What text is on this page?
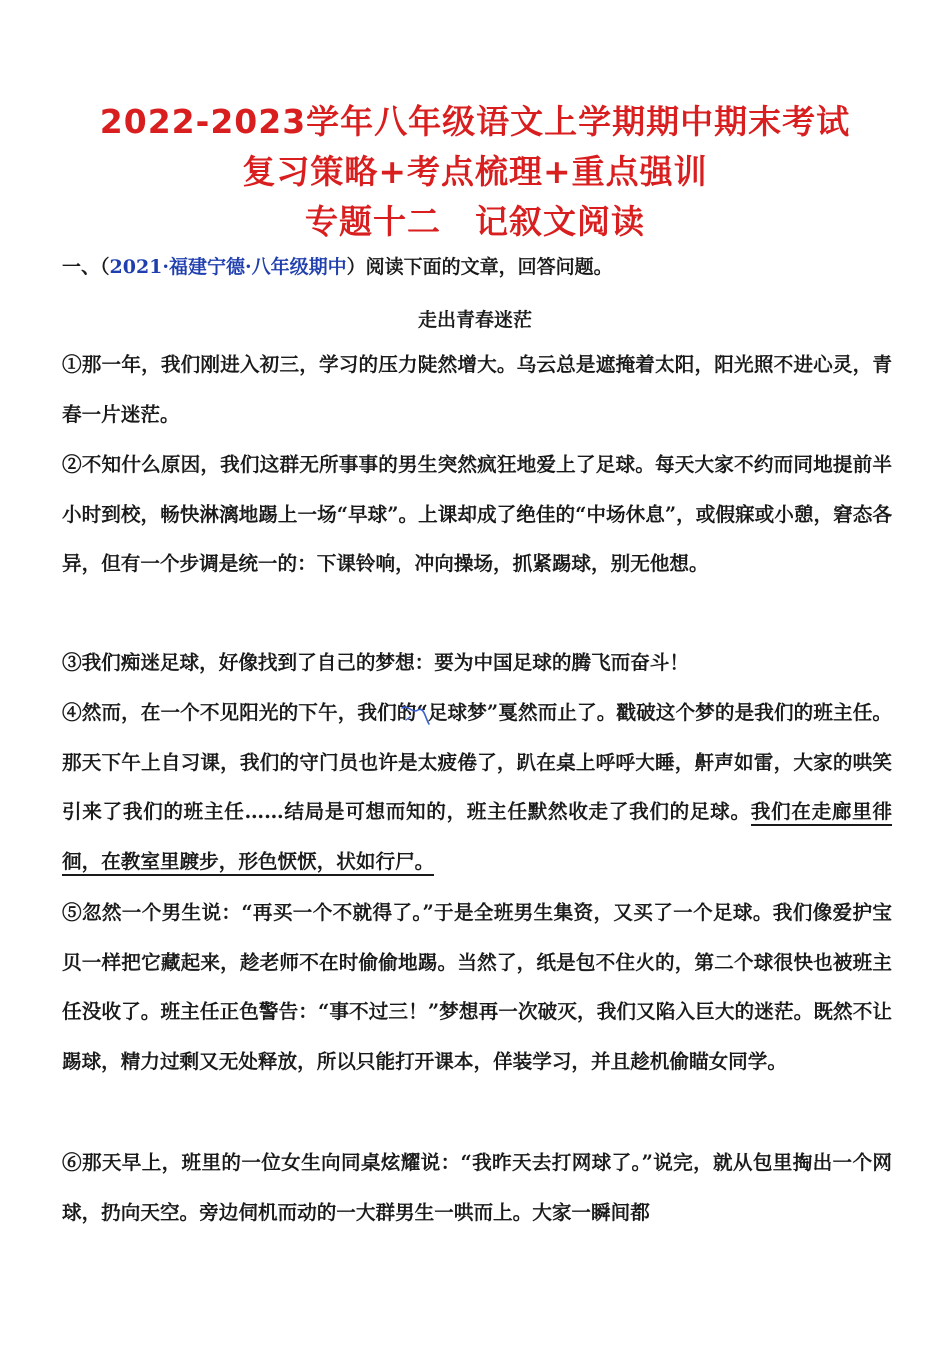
2022-2023学年八年级语文上学期期中期末考试
复习策略+考点梳理+重点强训
专题十二　记叙文阅读
一、（2021·福建宁德·八年级期中）阅读下面的文章，回答问题。
走出青春迷茫
①那一年，我们刚进入初三，学习的压力陡然增大。乌云总是遮掩着太阳，阳光照不进心灵，青春一片迷茫。
②不知什么原因，我们这群无所事事的男生突然疯狂地爱上了足球。每天大家不约而同地提前半小时到校，畅快淋漓地踢上一场“早球”。上课却成了绝佳的“中场休息”，或假寐或小憩，窘态各异，但有一个步调是统一的：下课铃响，冲向操场，抓紧踢球，别无他想。
③我们痴迷足球，好像找到了自己的梦想：要为中国足球的腾飞而奋斗！
④然而，在一个不见阳光的下午，我们的“足球梦”戛然而止了。戳破这个梦的是我们的班主任。那天下午上自习课，我们的守门员也许是太疲倦了，趴在桌上呼呼大睡，鼾声如雷，大家的哄笑引来了我们的班主任……结局是可想而知的，班主任默然收走了我们的足球。我们在走廊里徘徊，在教室里踱步，形色恹恹，状如行尸。
⑤忽然一个男生说：“再买一个不就得了。”于是全班男生集资，又买了一个足球。我们像爱护宝贝一样把它藏起来，趁老师不在时偷偷地踢。当然了，纸是包不住火的，第二个球很快也被班主任没收了。班主任正色警告：“事不过三！”梦想再一次破灭，我们又陷入巨大的迷茫。既然不让踢球，精力过剩又无处释放，所以只能打开课本，佯装学习，并且趁机偷瞄女同学。
⑥那天早上，班里的一位女生向同桌炫耀说：“我昨天去打网球了。”说完，就从包里掏出一个网球，扔向天空。旁边伺机而动的一大群男生一哄而上。大家一瞬间都
